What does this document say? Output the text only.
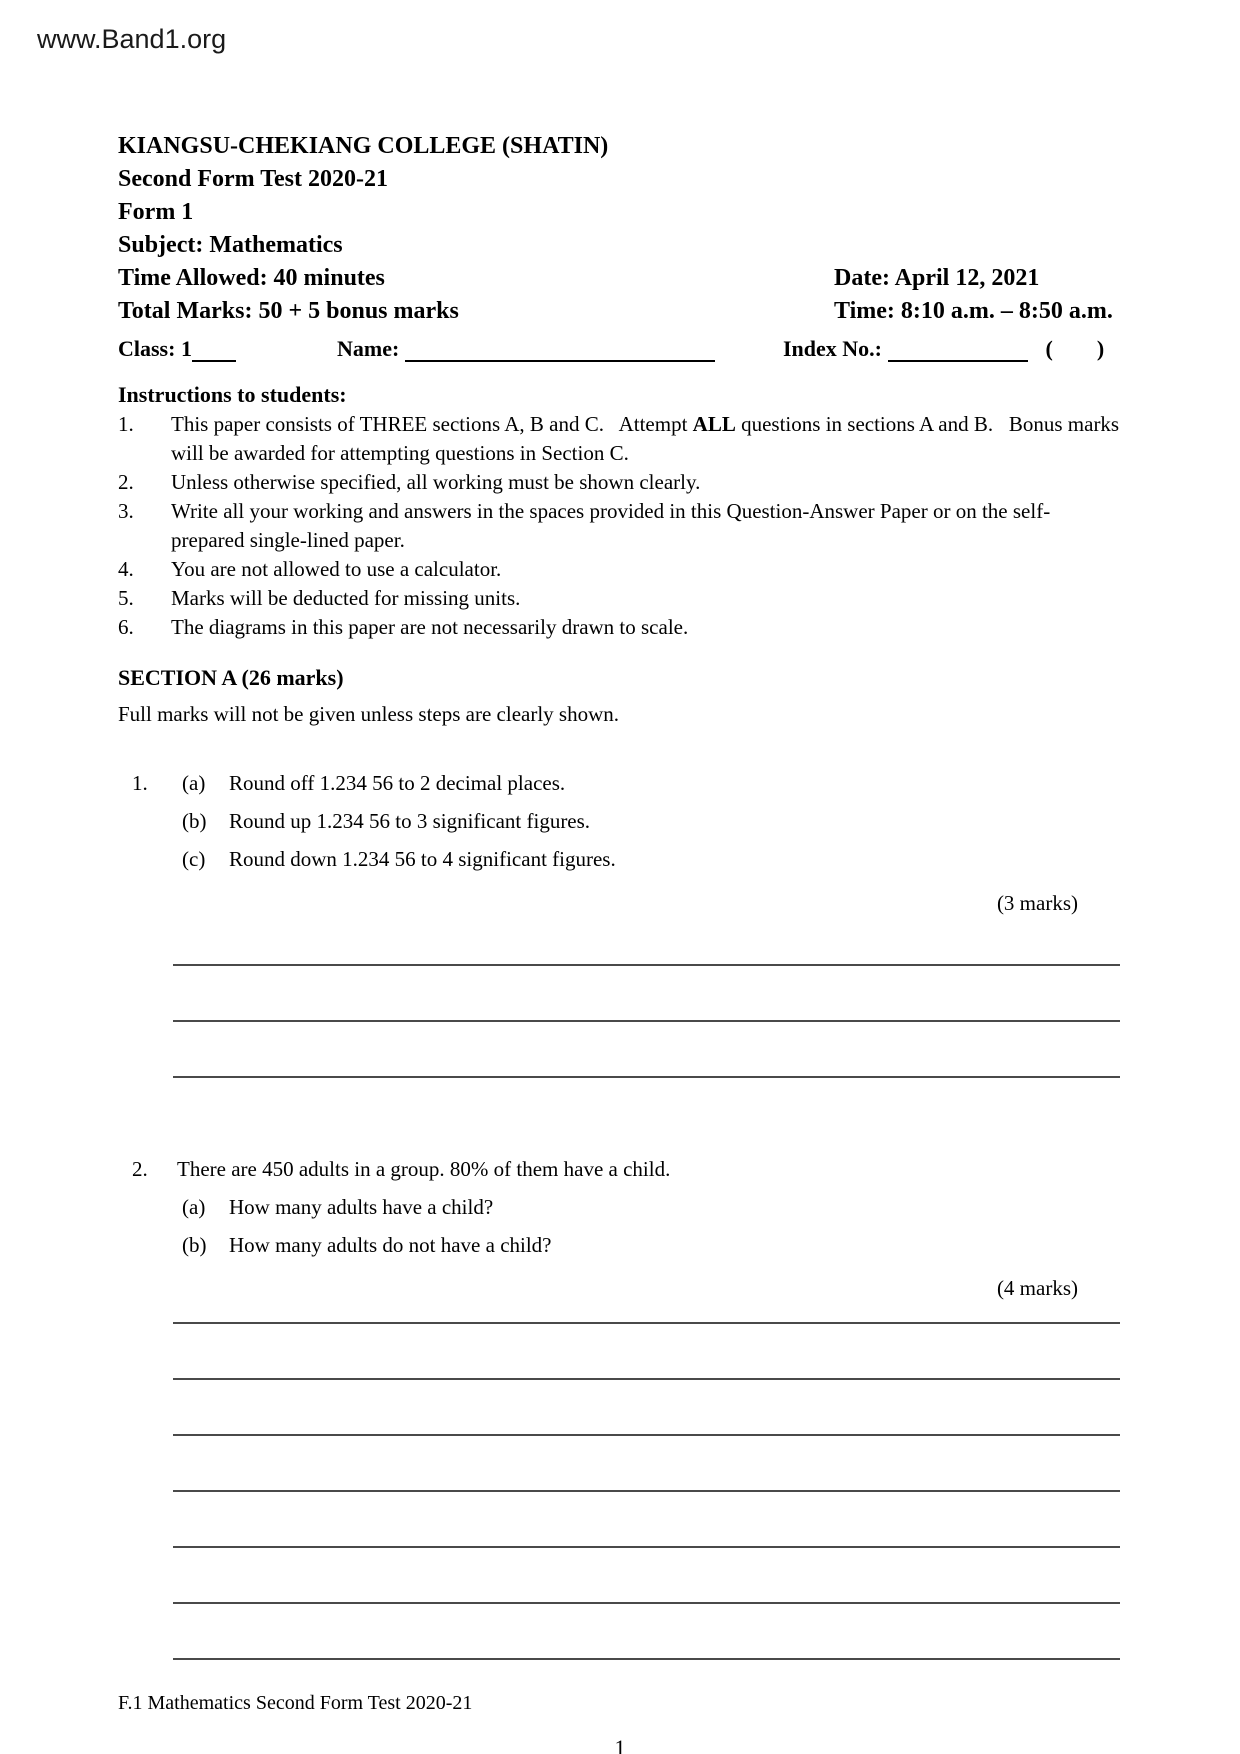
www.Band1.org
KIANGSU-CHEKIANG COLLEGE (SHATIN)
Second Form Test 2020-21
Form 1
Subject: Mathematics
Time Allowed: 40 minutes	Date: April 12, 2021
Total Marks: 50 + 5 bonus marks	Time: 8:10 a.m. – 8:50 a.m.
Class: 1	Name:	Index No.:	( )
Instructions to students:
1.	This paper consists of THREE sections A, B and C.   Attempt ALL questions in sections A and B.   Bonus marks will be awarded for attempting questions in Section C.
2.	Unless otherwise specified, all working must be shown clearly.
3.	Write all your working and answers in the spaces provided in this Question-Answer Paper or on the self-prepared single-lined paper.
4.	You are not allowed to use a calculator.
5.	Marks will be deducted for missing units.
6.	The diagrams in this paper are not necessarily drawn to scale.
SECTION A (26 marks)
Full marks will not be given unless steps are clearly shown.
1.	(a)	Round off 1.234 56 to 2 decimal places.
(b)	Round up 1.234 56 to 3 significant figures.
(c)	Round down 1.234 56 to 4 significant figures.
(3 marks)
2.	There are 450 adults in a group. 80% of them have a child.
(a)	How many adults have a child?
(b)	How many adults do not have a child?
(4 marks)
F.1 Mathematics Second Form Test 2020-21
1
